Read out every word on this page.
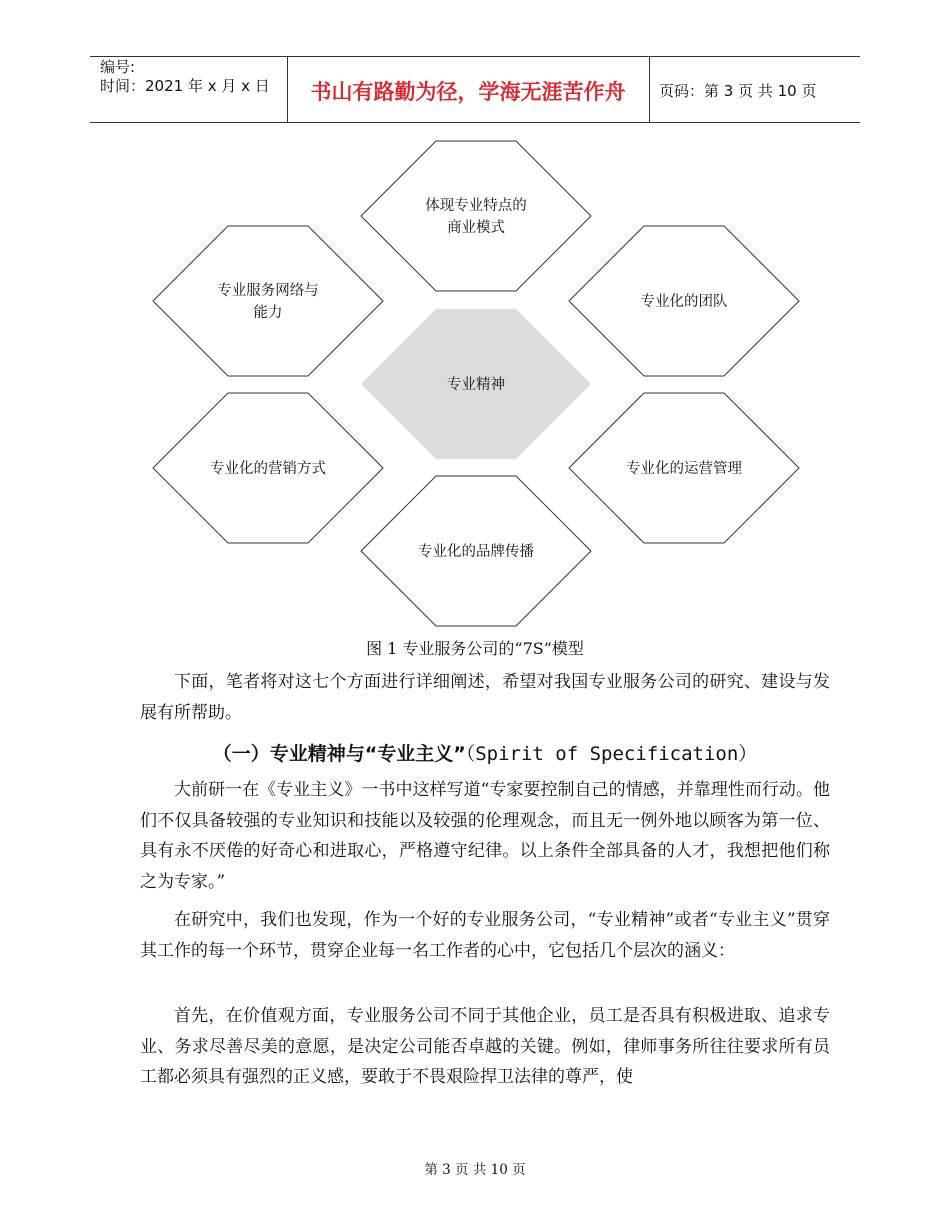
编号:
时间：2021 年 x 月 x 日	书山有路勤为径，学海无涯苦作舟	页码：第 3 页 共 10 页
体现专业特点的
商业模式
专业服务网络与
能力
专业化的团队
专业精神
专业化的营销方式	专业化的运营管理
专业化的品牌传播
图 1 专业服务公司的“7S”模型

下面，笔者将对这七个方面进行详细阐述，希望对我国专业服务公司的研究、建设与发展有所帮助。

（一）专业精神与“专业主义”（Spirit of Specification）

大前研一在《专业主义》一书中这样写道“专家要控制自己的情感，并靠理性而行动。他们不仅具备较强的专业知识和技能以及较强的伦理观念，而且无一例外地以顾客为第一位、具有永不厌倦的好奇心和进取心，严格遵守纪律。以上条件全部具备的人才，我想把他们称之为专家。”

在研究中，我们也发现，作为一个好的专业服务公司，“专业精神”或者“专业主义”贯穿其工作的每一个环节，贯穿企业每一名工作者的心中，它包括几个层次的涵义：

首先，在价值观方面，专业服务公司不同于其他企业，员工是否具有积极进取、追求专业、务求尽善尽美的意愿，是决定公司能否卓越的关键。例如，律师事务所往往要求所有员工都必须具有强烈的正义感，要敢于不畏艰险捍卫法律的尊严，使

第 3 页 共 10 页
